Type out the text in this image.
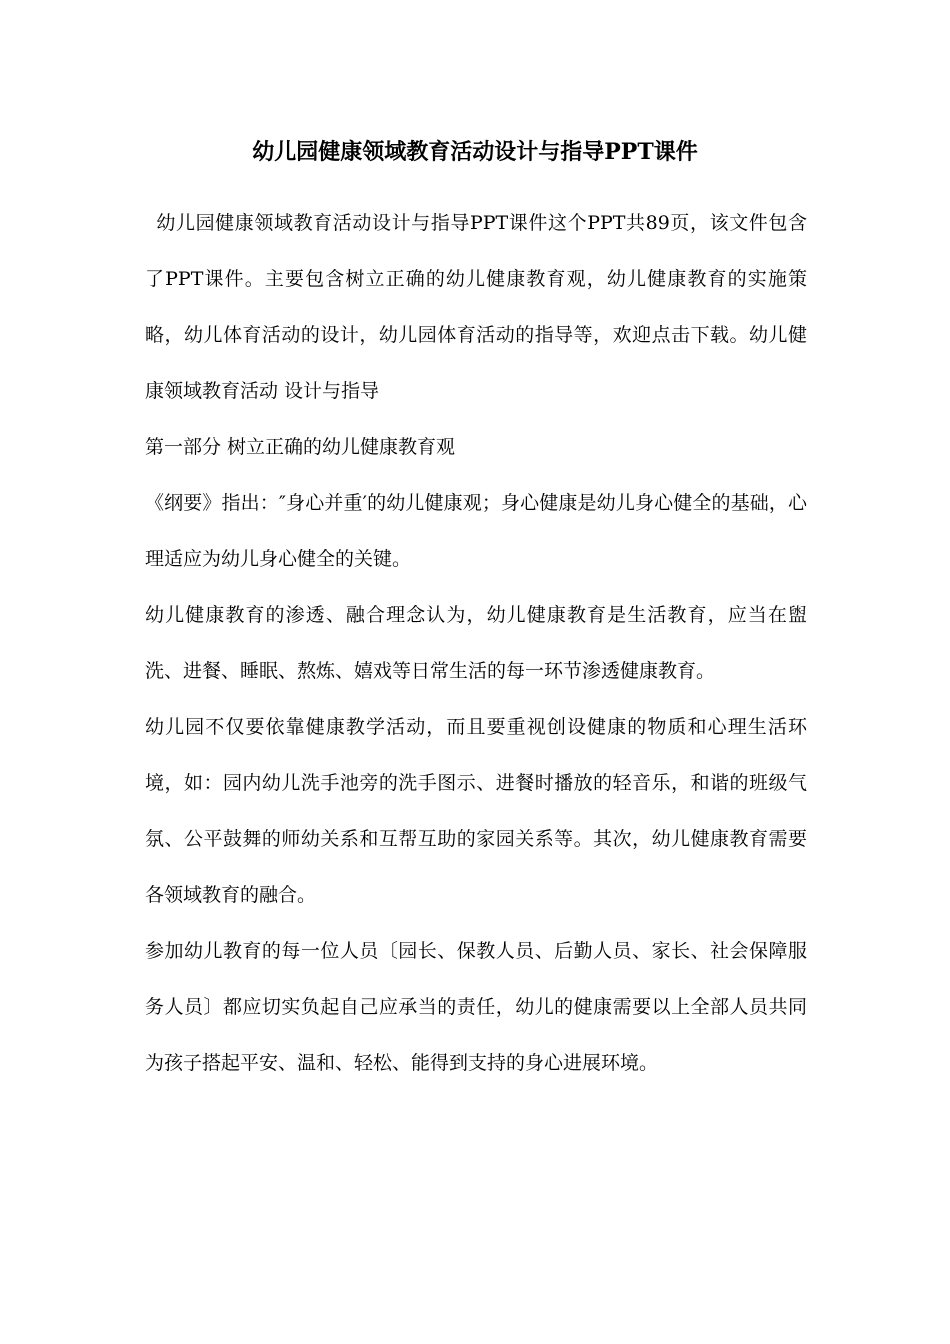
幼儿园健康领域教育活动设计与指导PPT课件

幼儿园健康领域教育活动设计与指导PPT课件这个PPT共89页，该文件包含了PPT课件。主要包含树立正确的幼儿健康教育观，幼儿健康教育的实施策略，幼儿体育活动的设计，幼儿园体育活动的指导等，欢迎点击下载。幼儿健康领域教育活动 设计与指导

第一部分 树立正确的幼儿健康教育观

《纲要》指出：″身心并重′的幼儿健康观；身心健康是幼儿身心健全的基础，心理适应为幼儿身心健全的关键。

幼儿健康教育的渗透、融合理念认为，幼儿健康教育是生活教育，应当在盥洗、进餐、睡眠、熬炼、嬉戏等日常生活的每一环节渗透健康教育。

幼儿园不仅要依靠健康教学活动，而且要重视创设健康的物质和心理生活环境，如：园内幼儿洗手池旁的洗手图示、进餐时播放的轻音乐，和谐的班级气氛、公平鼓舞的师幼关系和互帮互助的家园关系等。其次，幼儿健康教育需要各领域教育的融合。

参加幼儿教育的每一位人员〔园长、保教人员、后勤人员、家长、社会保障服务人员〕都应切实负起自己应承当的责任，幼儿的健康需要以上全部人员共同为孩子搭起平安、温和、轻松、能得到支持的身心进展环境。
